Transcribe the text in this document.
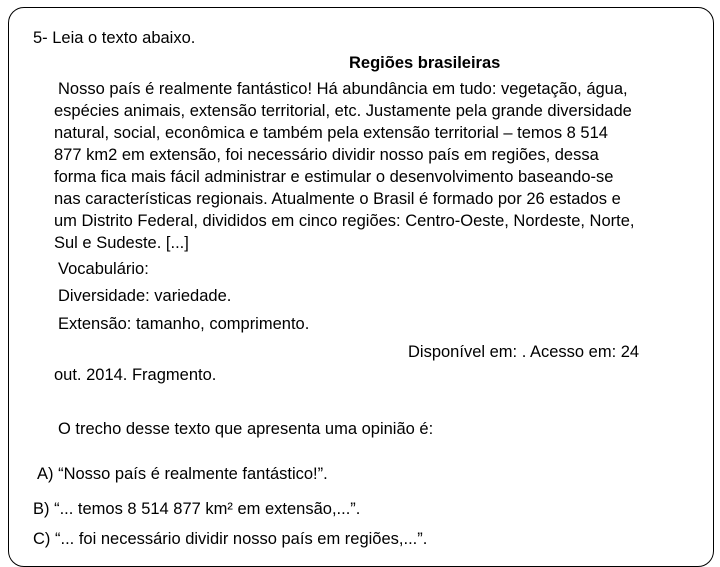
5- Leia o texto abaixo.
Regiões brasileiras
Nosso país é realmente fantástico! Há abundância em tudo: vegetação, água,
espécies animais, extensão territorial, etc. Justamente pela grande diversidade
natural, social, econômica e também pela extensão territorial – temos 8 514
877 km2 em extensão, foi necessário dividir nosso país em regiões, dessa
forma fica mais fácil administrar e estimular o desenvolvimento baseando-se
nas características regionais. Atualmente o Brasil é formado por 26 estados e
um Distrito Federal, divididos em cinco regiões: Centro-Oeste, Nordeste, Norte,
Sul e Sudeste. [...]
Vocabulário:
Diversidade: variedade.
Extensão: tamanho, comprimento.
Disponível em: . Acesso em: 24
out. 2014. Fragmento.
O trecho desse texto que apresenta uma opinião é:
A) “Nosso país é realmente fantástico!”.
B) “... temos 8 514 877 km² em extensão,...”.
C) “... foi necessário dividir nosso país em regiões,...”.
